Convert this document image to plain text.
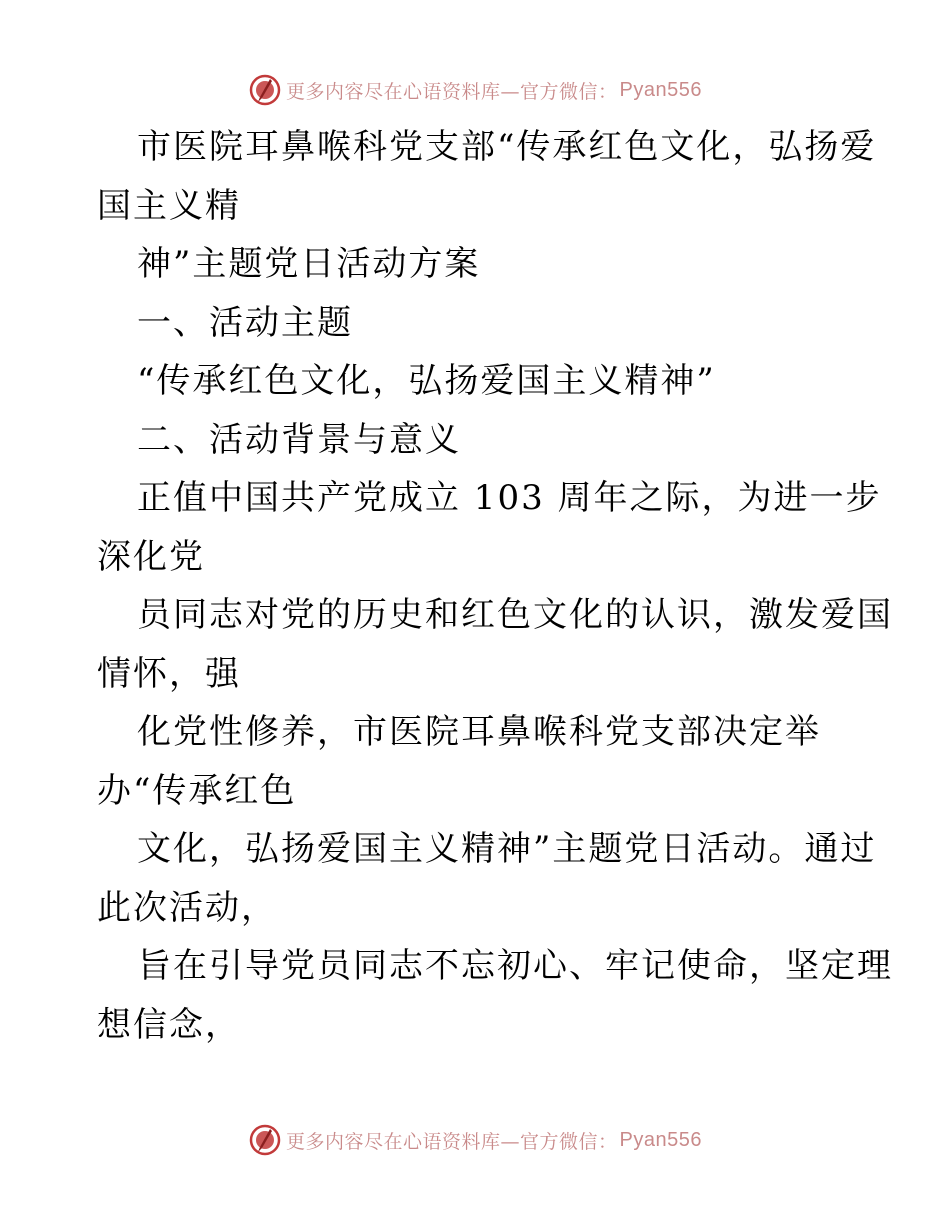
更多内容尽在心语资料库—官方微信： Pyan556
市医院耳鼻喉科党支部“传承红色文化，弘扬爱
国主义精
神”主题党日活动方案
一、活动主题
“传承红色文化，弘扬爱国主义精神”
二、活动背景与意义
正值中国共产党成立 103 周年之际，为进一步
深化党
员同志对党的历史和红色文化的认识，激发爱国
情怀，强
化党性修养，市医院耳鼻喉科党支部决定举
办“传承红色
文化，弘扬爱国主义精神”主题党日活动。通过
此次活动，
旨在引导党员同志不忘初心、牢记使命，坚定理
想信念，
更多内容尽在心语资料库—官方微信： Pyan556
